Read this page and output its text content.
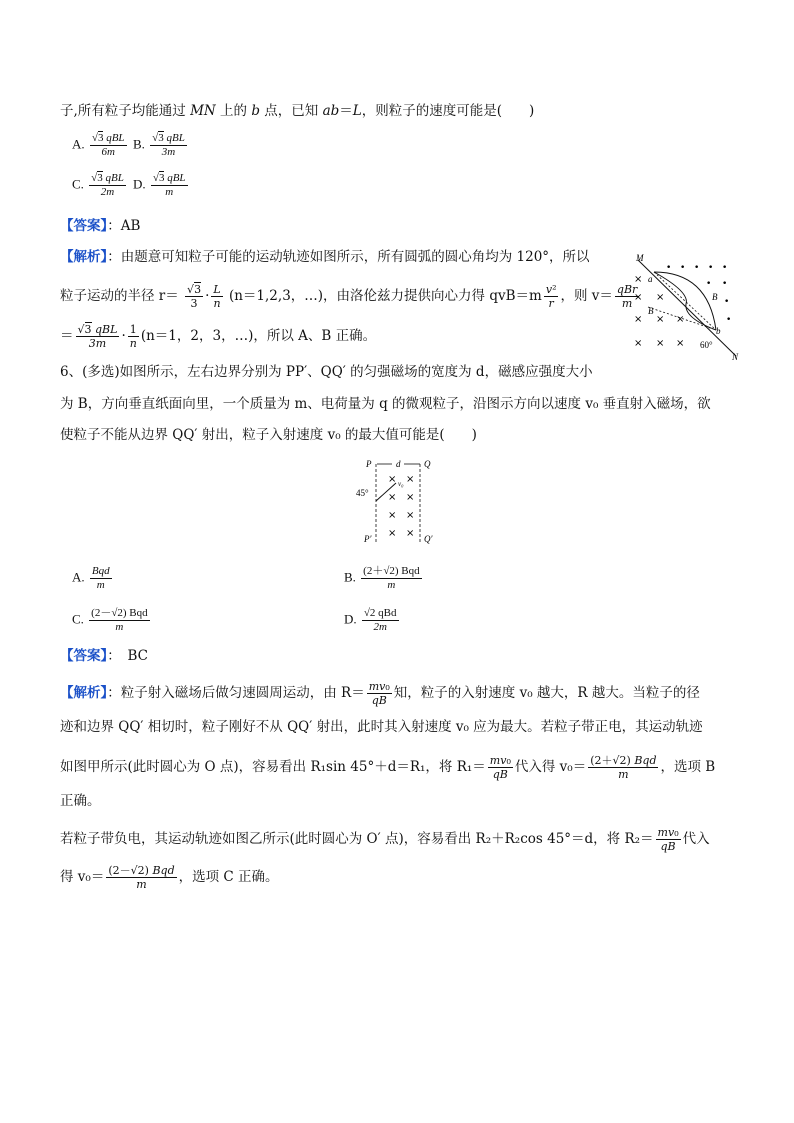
子,所有粒子均能通过 MN 上的 b 点，已知 ab＝L，则粒子的速度可能是(　　)
A. $\frac{\text{√3 qBL}}{6m} B$. $\frac{\text{√3 qBL}}{3m}$
C. $\frac{\text{√3 qBL}}{2m} D$. $\frac{\text{√3 qBL}}{m}$
【答案】：AB
【解析】：由题意可知粒子可能的运动轨迹如图所示，所有圆弧的圆心角均为 120°，所以
粒子运动的半径 $r= \frac{√3}{3} \cdot \frac{L}{n} (n=1,2,3$，…)，由洛伦兹力提供向心力得 $qvB=m \frac{\text{v²}}{r}$ ，则 $v= \frac{\text{qBr}}{m}$
＝ $\frac{\text{√3 qBL}}{3m} \cdot \frac{1}{n} (n=1$，2，3，…)，所以 A、B 正确。
M
N
a
b
B
B
60°
• • • • •
• •
•
•
×
×
×
×
×
×
×
×
×
6、(多选)如图所示，左右边界分别为 PP′、QQ′ 的匀强磁场的宽度为 d，磁感应强度大小
为 B，方向垂直纸面向里，一个质量为 m、电荷量为 q 的微观粒子，沿图示方向以速度 v₀ 垂直射入磁场，欲
使粒子不能从边界 QQ′ 射出，粒子入射速度 v₀ 的最大值可能是(　　)
P	Q
d
45°
v₀
× ×
× ×
× ×
× ×
P′	Q′
A. $\frac{\text{Bqd}}{m}$	B. $\frac{\text{(2＋√2) Bqd}}{m}$
C. $\frac{\text{(2－√2) Bqd}}{m}$	D. $\frac{\text{√2 qBd}}{2m}$
【答案】：　BC
【解析】：粒子射入磁场后做匀速圆周运动，由 $R= \frac{\text{mv₀}}{qB}$ 知，粒子的入射速度 v₀ 越大，R 越大。当粒子的径
迹和边界 QQ′ 相切时，粒子刚好不从 QQ′ 射出，此时其入射速度 v₀ 应为最大。若粒子带正电，其运动轨迹
如图甲所示(此时圆心为 O 点)，容易看出 R₁sin 45°＋d＝R₁，将 $R_1= \frac{\text{mv₀}}{qB}$ 代入得 $v_0= \frac{\text{(2＋√2) Bqd}}{m}$ ，选项 B
正确。
若粒子带负电，其运动轨迹如图乙所示(此时圆心为 O′ 点)，容易看出 R₂＋R₂cos 45°＝d，将 $R_2= \frac{\text{mv₀}}{qB}$ 代入
得 $v_0= \frac{\text{(2－√2) Bqd}}{m}$ ，选项 C 正确。
